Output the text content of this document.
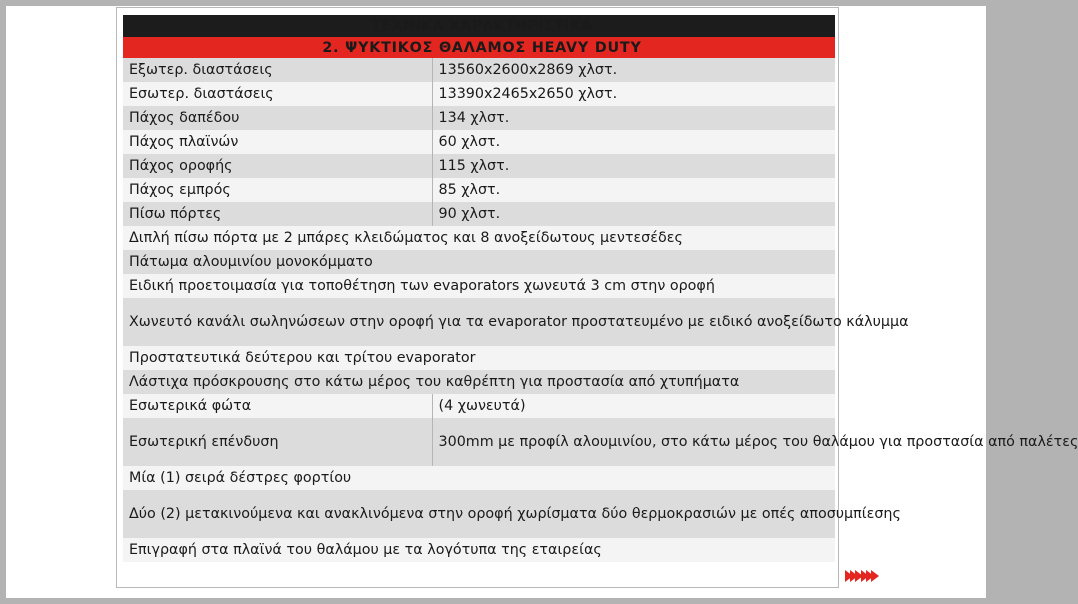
ΤΕΧΝΙΚΑ ΧΑΡΑΚΤΗΡΙΣΤΙΚΑ	
2. ΨΥΚΤΙΚΟΣ ΘΑΛΑΜΟΣ HEAVY DUTY	
Εξωτερ. διαστάσεις	13560x2600x2869 χλστ.
Εσωτερ. διαστάσεις	13390x2465x2650 χλστ.
Πάχος δαπέδου	134 χλστ.
Πάχος πλαϊνών	60 χλστ.
Πάχος οροφής	115 χλστ.
Πάχος εμπρός	85 χλστ.
Πίσω πόρτες	90 χλστ.
Διπλή πίσω πόρτα με 2 μπάρες κλειδώματος και 8 ανοξείδωτους μεντεσέδες	
Πάτωμα αλουμινίου μονοκόμματο	
Ειδική προετοιμασία για τοποθέτηση των evaporators χωνευτά 3 cm στην οροφή	
Χωνευτό κανάλι σωληνώσεων στην οροφή για τα evaporator προστατευμένο με ειδικό ανοξείδωτο κάλυμμα	
Προστατευτικά δεύτερου και τρίτου evaporator	
Λάστιχα πρόσκρουσης στο κάτω μέρος του καθρέπτη για προστασία από χτυπήματα	
Εσωτερικά φώτα	(4 χωνευτά)
Εσωτερική επένδυση	300mm με προφίλ αλουμινίου, στο κάτω μέρος του θαλάμου για προστασία από παλέτες
Μία (1) σειρά δέστρες φορτίου	
Δύο (2) μετακινούμενα και ανακλινόμενα στην οροφή χωρίσματα δύο θερμοκρασιών με οπές αποσυμπίεσης	
Επιγραφή στα πλαϊνά του θαλάμου με τα λογότυπα της εταιρείας	
